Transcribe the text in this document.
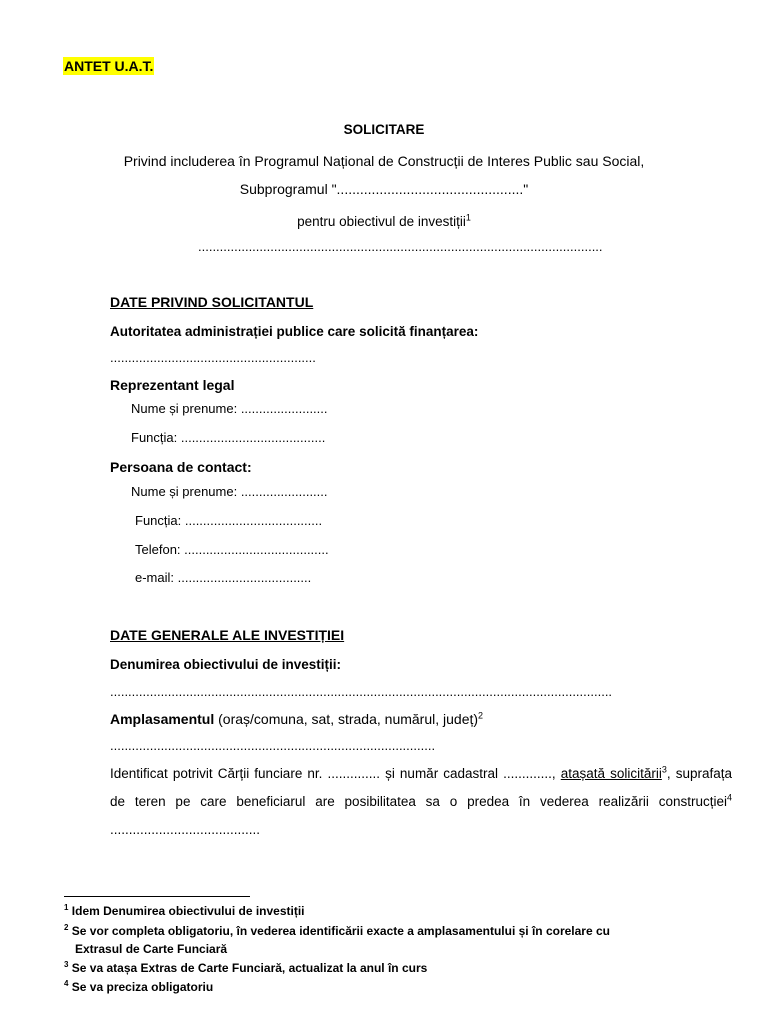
ANTET U.A.T.
SOLICITARE
Privind includerea în Programul Național de Construcții de Interes Public sau Social,
Subprogramul "................................................"
pentru obiectivul de investiții$^1$
................................................................................................................
DATE PRIVIND SOLICITANTUL
Autoritatea administrației publice care solicită finanțarea:
.........................................................
Reprezentant legal
Nume și prenume: ........................
Funcția: ........................................
Persoana de contact:
Nume și prenume: ........................
Funcția: ......................................
Telefon: ........................................
e-mail: .....................................
DATE GENERALE ALE INVESTIȚIEI
Denumirea obiectivului de investiții:
...........................................................................................................................................
Amplasamentul (oraș/comuna, sat, strada, numărul, județ)$^2$
..........................................................................................
Identificat potrivit Cărții funciare nr. .............. și număr cadastral ............., atașată solicitării$^3$, suprafața de teren pe care beneficiarul are posibilitatea sa o predea în vederea realizării construcției$^4$ ........................................
$^1$ Idem Denumirea obiectivului de investiții
$^2$ Se vor completa obligatoriu, în vederea identificării exacte a amplasamentului și în corelare cu
Extrasul de Carte Funciară
$^3$ Se va atașa Extras de Carte Funciară, actualizat la anul în curs
$^4$ Se va preciza obligatoriu
